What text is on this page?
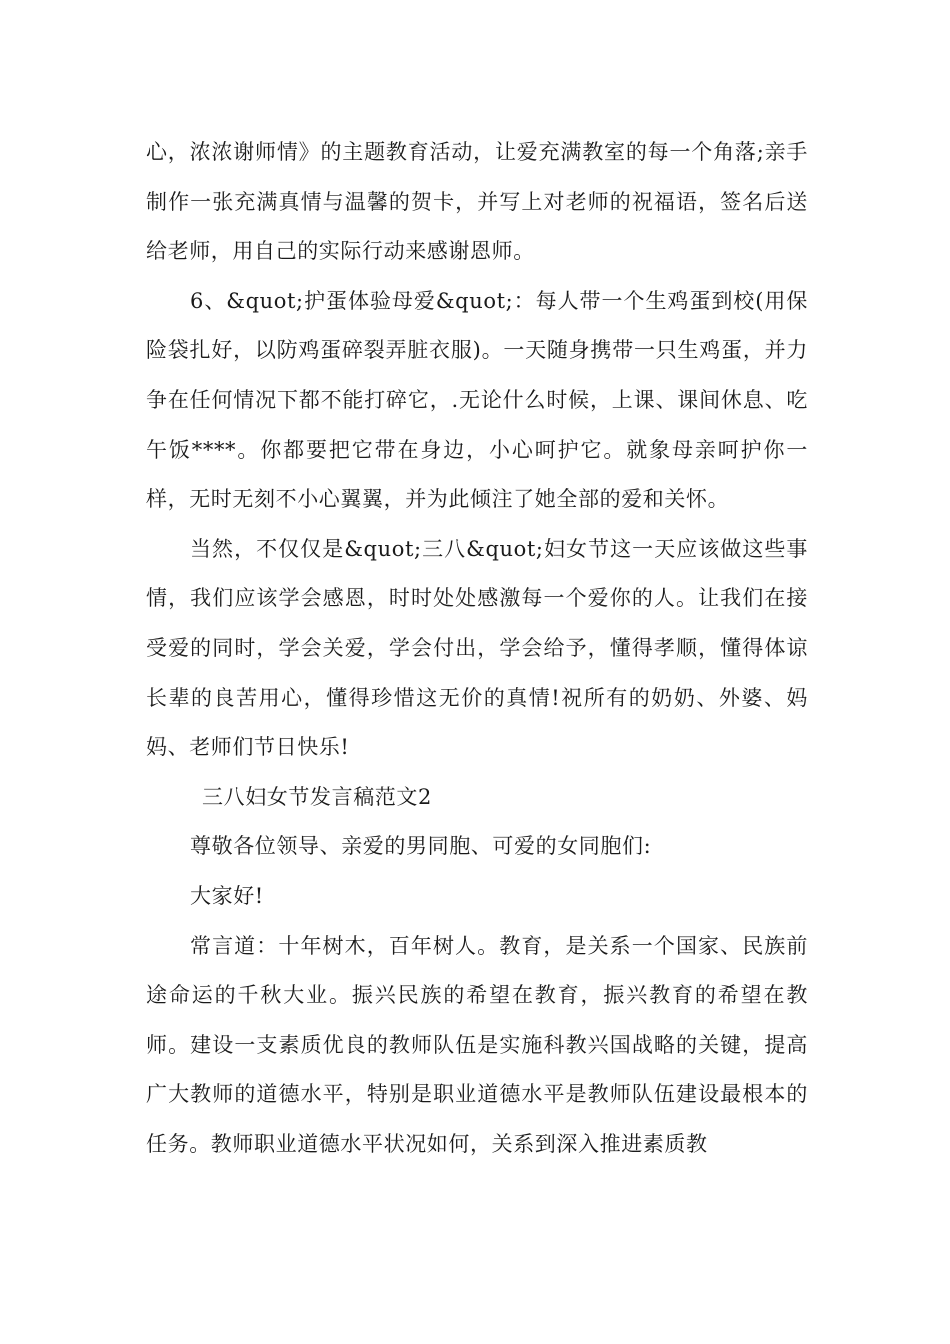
心，浓浓谢师情》的主题教育活动，让爱充满教室的每一个角落;亲手制作一张充满真情与温馨的贺卡，并写上对老师的祝福语，签名后送给老师，用自己的实际行动来感谢恩师。

6、&quot;护蛋体验母爱&quot;：每人带一个生鸡蛋到校(用保险袋扎好，以防鸡蛋碎裂弄脏衣服)。一天随身携带一只生鸡蛋，并力争在任何情况下都不能打碎它，.无论什么时候，上课、课间休息、吃午饭****。你都要把它带在身边，小心呵护它。就象母亲呵护你一样，无时无刻不小心翼翼，并为此倾注了她全部的爱和关怀。

当然，不仅仅是&quot;三八&quot;妇女节这一天应该做这些事情，我们应该学会感恩，时时处处感激每一个爱你的人。让我们在接受爱的同时，学会关爱，学会付出，学会给予，懂得孝顺，懂得体谅长辈的良苦用心，懂得珍惜这无价的真情!祝所有的奶奶、外婆、妈妈、老师们节日快乐!

三八妇女节发言稿范文2

尊敬各位领导、亲爱的男同胞、可爱的女同胞们:

大家好!

常言道：十年树木，百年树人。教育，是关系一个国家、民族前途命运的千秋大业。振兴民族的希望在教育，振兴教育的希望在教师。建设一支素质优良的教师队伍是实施科教兴国战略的关键，提高广大教师的道德水平，特别是职业道德水平是教师队伍建设最根本的任务。教师职业道德水平状况如何，关系到深入推进素质教
